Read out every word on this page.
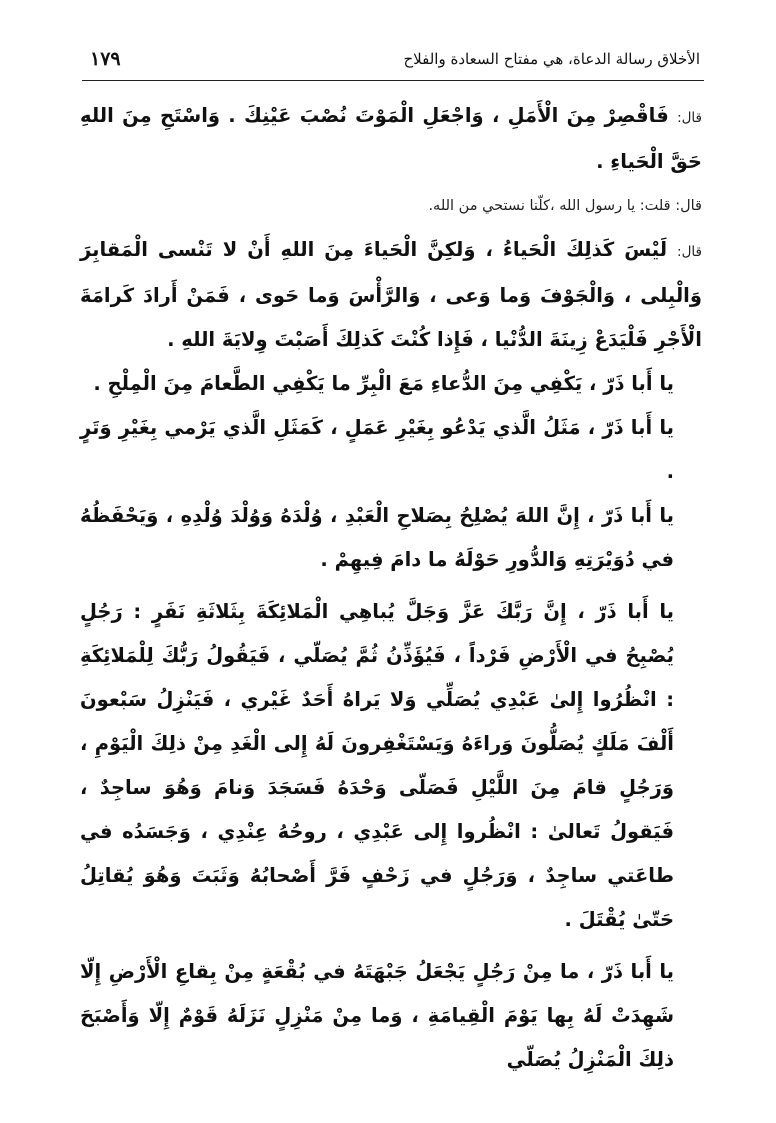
الأخلاق رسالة الدعاة، هي مفتاح السعادة والفلاح
١٧٩

قال: فَاقْصِرْ مِنَ الْأَمَلِ ، وَاجْعَلِ الْمَوْتَ نُصْبَ عَيْنِكَ . وَاسْتَحِ مِنَ اللهِ حَقَّ الْحَياءِ .

قال: قلت: يا رسول الله ،كلّنا نستحي من الله.

قال: لَيْسَ كَذلِكَ الْحَياءُ ، وَلكِنَّ الْحَياءَ مِنَ اللهِ أَنْ لا تَنْسى الْمَقابِرَ وَالْبِلى ، وَالْجَوْفَ وَما وَعى ، وَالرَّأْسَ وَما حَوى ، فَمَنْ أَرادَ كَرامَةَ الْأَجْرِ فَلْيَدَعْ زِينَةَ الدُّنْيا ، فَإِذا كُنْتَ كَذلِكَ أَصَبْتَ وِلايَةَ اللهِ .

يا أَبا ذَرّ ، يَكْفِي مِنَ الدُّعاءِ مَعَ الْبِرِّ ما يَكْفِي الطَّعامَ مِنَ الْمِلْحِ .

يا أَبا ذَرّ ، مَثَلُ الَّذي يَدْعُو بِغَيْرِ عَمَلٍ ، كَمَثَلِ الَّذي يَرْمي بِغَيْرِ وَتَرٍ .

يا أَبا ذَرّ ، إِنَّ اللهَ يُصْلِحُ بِصَلاحِ الْعَبْدِ ، وُلْدَهُ وَوُلْدَ وُلْدِهِ ، وَيَحْفَظُهُ في دُوَيْرَتِهِ وَالدُّورِ حَوْلَهُ ما دامَ فِيهِمْ .

يا أَبا ذَرّ ، إِنَّ رَبَّكَ عَزَّ وَجَلَّ يُباهِي الْمَلائِكَةَ بِثَلاثَةِ نَفَرٍ : رَجُلٍ يُصْبِحُ في الْأَرْضِ فَرْداً ، فَيُؤَذِّنُ ثُمَّ يُصَلّي ، فَيَقُولُ رَبُّكَ لِلْمَلائِكَةِ : انْظُرُوا إِلىٰ عَبْدِي يُصَلِّي وَلا يَراهُ أَحَدٌ غَيْري ، فَيَنْزِلُ سَبْعونَ أَلْفَ مَلَكٍ يُصَلُّونَ وَراءَهُ وَيَسْتَغْفِرونَ لَهُ إِلى الْغَدِ مِنْ ذلِكَ الْيَوْمِ ، وَرَجُلٍ قامَ مِنَ اللَّيْلِ فَصَلّى وَحْدَهُ فَسَجَدَ وَنامَ وَهُوَ ساجِدٌ ، فَيَقولُ تَعالىٰ : انْظُروا إِلى عَبْدِي ، روحُهُ عِنْدِي ، وَجَسَدُه في طاعَتي ساجِدٌ ، وَرَجُلٍ في زَحْفٍ فَرَّ أَصْحابُهُ وَثَبَتَ وَهُوَ يُقاتِلُ حَتّىٰ يُقْتَلَ .

يا أَبا ذَرّ ، ما مِنْ رَجُلٍ يَجْعَلُ جَبْهَتَهُ في بُقْعَةٍ مِنْ بِقاعِ الْأَرْضِ إِلّا شَهِدَتْ لَهُ بِها يَوْمَ الْقِيامَةِ ، وَما مِنْ مَنْزِلٍ نَزَلَهُ قَوْمٌ إِلّا وَأَصْبَحَ ذلِكَ الْمَنْزِلُ يُصَلّي
